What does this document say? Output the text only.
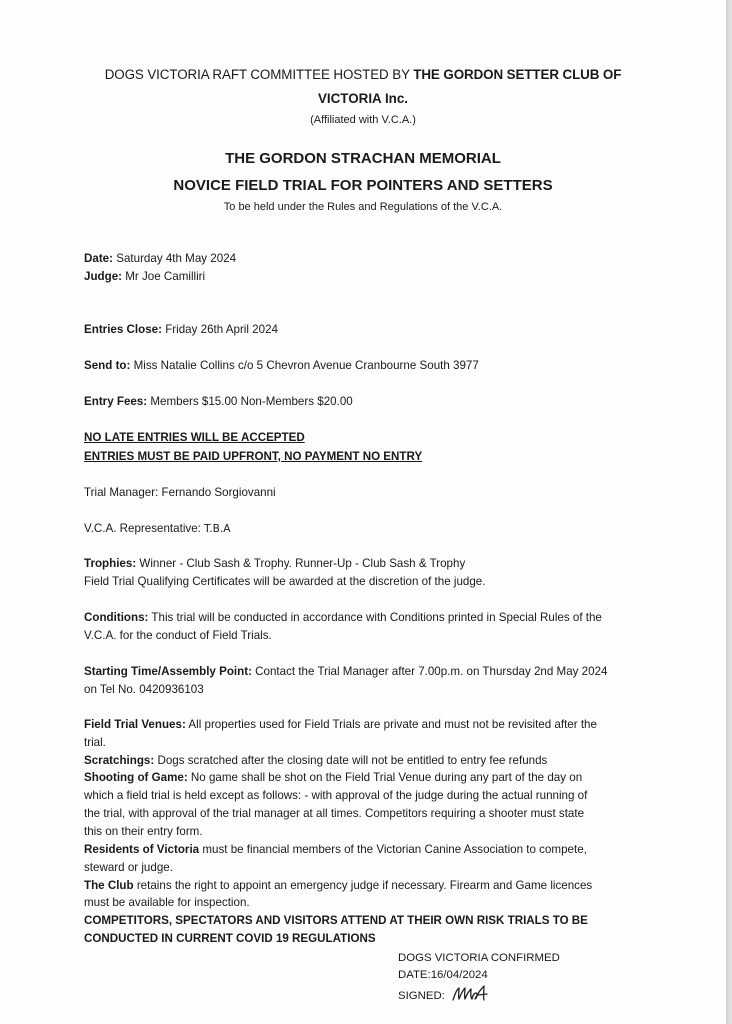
DOGS VICTORIA RAFT COMMITTEE HOSTED BY THE GORDON SETTER CLUB OF
VICTORIA Inc.
(Affiliated with V.C.A.)
THE GORDON STRACHAN MEMORIAL
NOVICE FIELD TRIAL FOR POINTERS AND SETTERS
To be held under the Rules and Regulations of the V.C.A.
Date: Saturday 4th May 2024
Judge: Mr Joe Camilliri
Entries Close: Friday 26th April 2024
Send to: Miss Natalie Collins c/o 5 Chevron Avenue Cranbourne South 3977
Entry Fees: Members $15.00 Non-Members $20.00
NO LATE ENTRIES WILL BE ACCEPTED
ENTRIES MUST BE PAID UPFRONT, NO PAYMENT NO ENTRY
Trial Manager: Fernando Sorgiovanni
V.C.A. Representative: T.B.A
Trophies: Winner - Club Sash & Trophy. Runner-Up - Club Sash & Trophy
Field Trial Qualifying Certificates will be awarded at the discretion of the judge.
Conditions: This trial will be conducted in accordance with Conditions printed in Special Rules of the
V.C.A. for the conduct of Field Trials.
Starting Time/Assembly Point: Contact the Trial Manager after 7.00p.m. on Thursday 2nd May 2024
on Tel No. 0420936103
Field Trial Venues: All properties used for Field Trials are private and must not be revisited after the
trial.
Scratchings: Dogs scratched after the closing date will not be entitled to entry fee refunds
Shooting of Game: No game shall be shot on the Field Trial Venue during any part of the day on
which a field trial is held except as follows: - with approval of the judge during the actual running of
the trial, with approval of the trial manager at all times. Competitors requiring a shooter must state
this on their entry form.
Residents of Victoria must be financial members of the Victorian Canine Association to compete,
steward or judge.
The Club retains the right to appoint an emergency judge if necessary. Firearm and Game licences
must be available for inspection.
COMPETITORS, SPECTATORS AND VISITORS ATTEND AT THEIR OWN RISK TRIALS TO BE
CONDUCTED IN CURRENT COVID 19 REGULATIONS
DOGS VICTORIA CONFIRMED
DATE:16/04/2024
SIGNED:
